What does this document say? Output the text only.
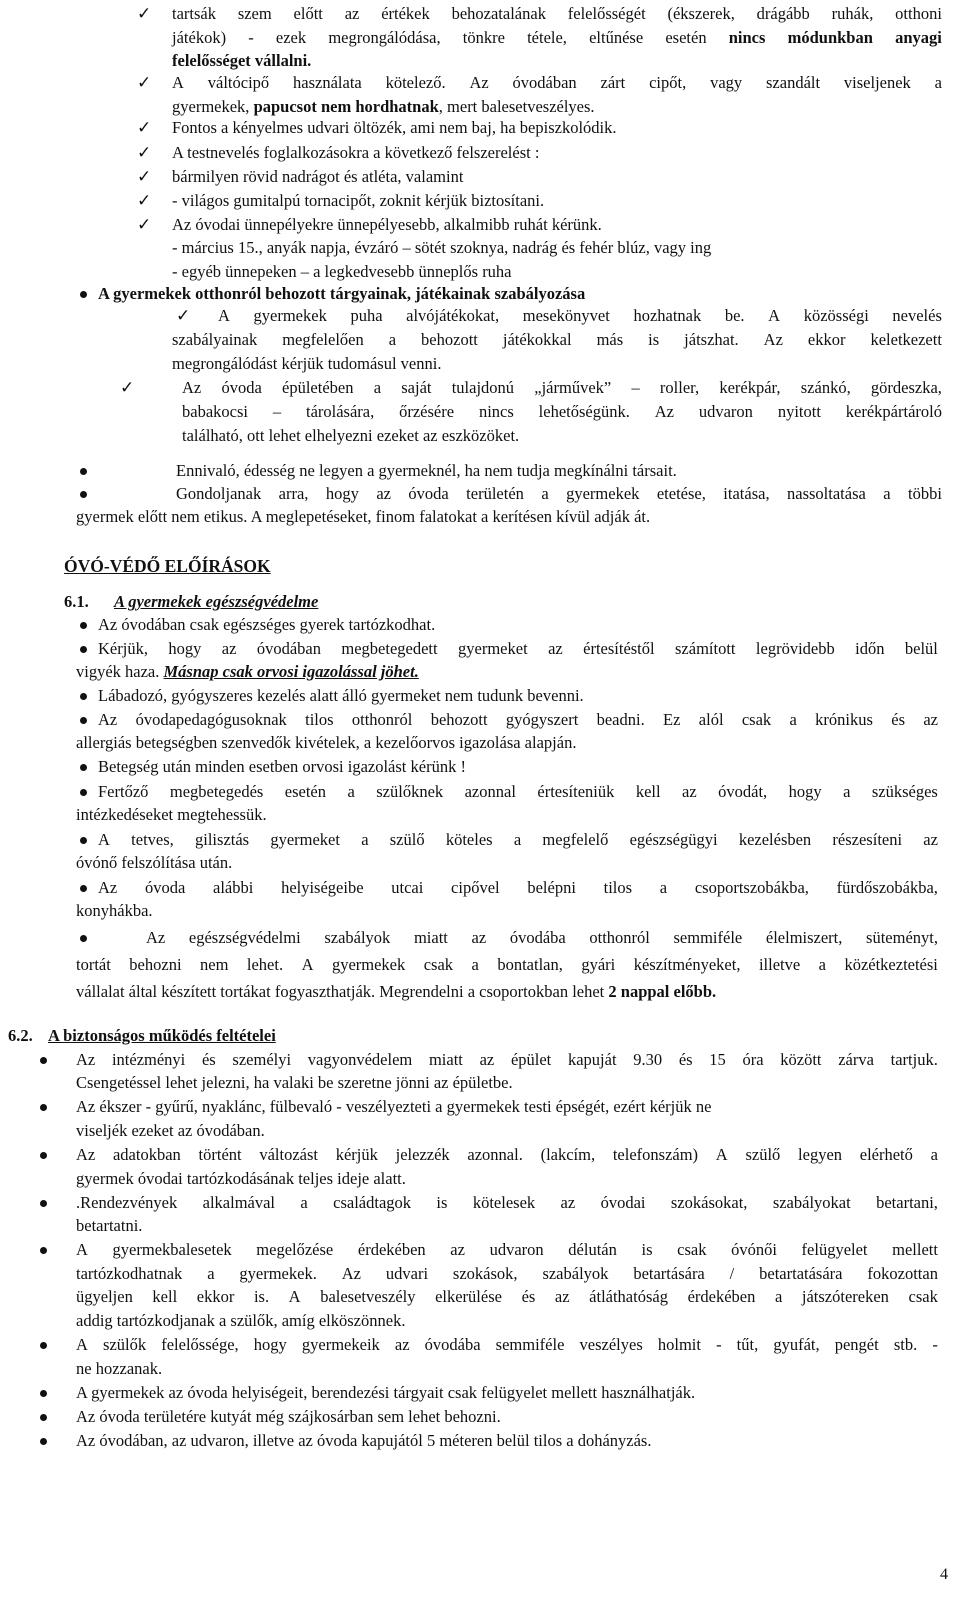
✓
✓
✓
✓
✓
✓
✓
✓
✓
tartsák szem előtt az értékek behozatalának felelősségét (ékszerek, drágább ruhák, otthoni
játékok) - ezek megrongálódása, tönkre tétele, eltűnése esetén nincs módunkban anyagi
felelősséget vállalni.
A váltócipő használata kötelező. Az óvodában zárt cipőt, vagy szandált viseljenek a
gyermekek, papucsot nem hordhatnak, mert balesetveszélyes.
Fontos a kényelmes udvari öltözék, ami nem baj, ha bepiszkolódik.
A testnevelés foglalkozásokra a következő felszerelést :
bármilyen rövid nadrágot és atléta, valamint
- világos gumitalpú tornacipőt, zoknit kérjük biztosítani.
Az óvodai ünnepélyekre ünnepélyesebb, alkalmibb ruhát kérünk.
- március 15., anyák napja, évzáró – sötét szoknya, nadrág és fehér blúz, vagy ing
- egyéb ünnepeken – a legkedvesebb ünneplős ruha
A gyermekek otthonról behozott tárgyainak, játékainak szabályozása
A gyermekek puha alvójátékokat, mesekönyvet hozhatnak be. A közösségi nevelés
szabályainak megfelelően a behozott játékokkal más is játszhat. Az ekkor keletkezett
megrongálódást kérjük tudomásul venni.
Az óvoda épületében a saját tulajdonú „járművek” – roller, kerékpár, szánkó, gördeszka,
babakocsi – tárolására, őrzésére nincs lehetőségünk. Az udvaron nyitott kerékpártároló
található, ott lehet elhelyezni ezeket az eszközöket.
Ennivaló, édesség ne legyen a gyermeknél, ha nem tudja megkínálni társait.
Gondoljanak arra, hogy az óvoda területén a gyermekek etetése, itatása, nassoltatása a többi
gyermek előtt nem etikus. A meglepetéseket, finom falatokat a kerítésen kívül adják át.
ÓVÓ-VÉDŐ ELŐÍRÁSOK
6.1. A gyermekek egészségvédelme
Az óvodában csak egészséges gyerek tartózkodhat.
Kérjük, hogy az óvodában megbetegedett gyermeket az értesítéstől számított legrövidebb időn belül
vigyék haza. Másnap csak orvosi igazolással jöhet.
Lábadozó, gyógyszeres kezelés alatt álló gyermeket nem tudunk bevenni.
Az óvodapedagógusoknak tilos otthonról behozott gyógyszert beadni. Ez alól csak a krónikus és az
allergiás betegségben szenvedők kivételek, a kezelőorvos igazolása alapján.
Betegség után minden esetben orvosi igazolást kérünk !
Fertőző megbetegedés esetén a szülőknek azonnal értesíteniük kell az óvodát, hogy a szükséges
intézkedéseket megtehessük.
A tetves, gilisztás gyermeket a szülő köteles a megfelelő egészségügyi kezelésben részesíteni az
óvónő felszólítása után.
Az óvoda alábbi helyiségeibe utcai cipővel belépni tilos a csoportszobákba, fürdőszobákba,
konyhákba.
Az egészségvédelmi szabályok miatt az óvodába otthonról semmiféle élelmiszert, süteményt,
tortát behozni nem lehet. A gyermekek csak a bontatlan, gyári készítményeket, illetve a közétkeztetési
vállalat által készített tortákat fogyaszthatják. Megrendelni a csoportokban lehet 2 nappal előbb.
6.2. A biztonságos működés feltételei
Az intézményi és személyi vagyonvédelem miatt az épület kapuját 9.30 és 15 óra között zárva tartjuk.
Csengetéssel lehet jelezni, ha valaki be szeretne jönni az épületbe.
Az ékszer - gyűrű, nyaklánc, fülbevaló - veszélyezteti a gyermekek testi épségét, ezért kérjük ne
viseljék ezeket az óvodában.
Az adatokban történt változást kérjük jelezzék azonnal. (lakcím, telefonszám) A szülő legyen elérhető a
gyermek óvodai tartózkodásának teljes ideje alatt.
.Rendezvények alkalmával a családtagok is kötelesek az óvodai szokásokat, szabályokat betartani,
betartatni.
A gyermekbalesetek megelőzése érdekében az udvaron délután is csak óvónői felügyelet mellett
tartózkodhatnak a gyermekek. Az udvari szokások, szabályok betartására / betartatására fokozottan
ügyeljen kell ekkor is. A balesetveszély elkerülése és az átláthatóság érdekében a játszótereken csak
addig tartózkodjanak a szülők, amíg elköszönnek.
A szülők felelőssége, hogy gyermekeik az óvodába semmiféle veszélyes holmit - tűt, gyufát, pengét stb. -
ne hozzanak.
A gyermekek az óvoda helyiségeit, berendezési tárgyait csak felügyelet mellett használhatják.
Az óvoda területére kutyát még szájkosárban sem lehet behozni.
Az óvodában, az udvaron, illetve az óvoda kapujától 5 méteren belül tilos a dohányzás.
4
